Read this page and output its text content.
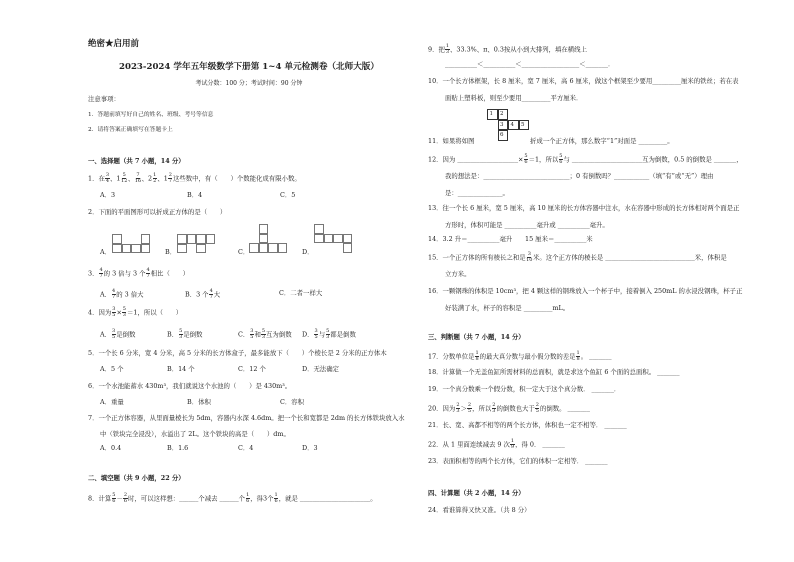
绝密★启用前
2023-2024 学年五年级数学下册第 1~4 单元检测卷（北师大版）
考试分数：100 分；考试时间：90 分钟
注意事项：
1．答题前填写好自己的姓名、班级、考号等信息
2．请将答案正确填写在答题卡上
一、选择题（共 7 小题，14 分）
1．在 $\frac{3}{4}$ 、$1 \frac{5}{12}$ 、 $\frac{7}{16}$ 、$2 \frac{1}{2}$ 、$1 \frac{2}{7}$ 这些数中，有（　　）个数能化成有限小数。
A．3	B．4	C．5
2．下面的平面图形可以折成正方体的是（　　）
A．	B．	C．	D．
3． $\frac{4}{7}$ 的 3 倍与 3 个 $\frac{4}{7}$ 相比（　　）
A． $\frac{4}{7}$ 的 3 倍大	B．3 个 $\frac{4}{7}$ 大	C．二者一样大
4．因为 $\frac{3}{5} \times \frac{5}{3} =1$，所以（　　）
A． $\frac{3}{5}$ 是倒数	B． $\frac{5}{3}$ 是倒数	C． $\frac{3}{5}$ 和 $\frac{5}{3}$ 互为倒数 D． $\frac{3}{5}$ 与 $\frac{5}{3}$ 都是倒数
5．一个长 6 分米，宽 4 分米，高 5 分米的长方体盒子，最多能放下（　　）个棱长是 2 分米的正方体木
A．5 个	B．14 个	C．12 个	D．无法确定
6．一个水池能蓄水 430m³，我们就说这个水池的（　　）是 430m³。
A．重量	B．体积	C．容积
7．一个正方体容器，从里面量棱长为 5dm，容器内水深 4.6dm。把一个长和宽都是 2dm 的长方体铁块放入水
中（铁块完全浸没），水溢出了 2L。这个铁块的高是（　　）dm。
A．0.4	B．1.6	C．4	D．3
二、填空题（共 9 小题，22 分）
8．计算 $\frac{5}{6} - \frac{2}{6}$ 时，可以这样想：______个减去 ______个 $\frac{1}{6}$ ，得3个 $\frac{1}{6}$ ，就是 ______________________。
9．把 $\frac{1}{3}$ 、33.3%、π、0.3按从小到大排列，填在横线上
__________＜__________＜__________________＜_______．
10．一个长方体框架，长 8 厘米，宽 7 厘米，高 6 厘米，做这个框架至少要用_________厘米的铁丝；若在表
面贴上塑料板，则至少要用_________平方厘米．
1	2
3	4	5
6
11．如果将如图	折成一个正方体，那么数字“1”对面是 _________。
12．因为 ___________________× $\frac{5}{6} =1$，所以 $\frac{5}{6}$ 与 ______________________互为倒数，0.5 的倒数是 _______，
我的想法是：___________________________；0 有倒数吗？___________（填“有”或“无”）理由
是：______________。
13．往一个长 6 厘米，宽 5 厘米，高 10 厘米的长方体容器中注水，水在容器中形成的长方体相对两个面是正
方形时，体积可能是 __________毫升或 __________毫升。
14．3.2 升＝__________毫升　　15 厘米＝__________米
15．一个正方体的所有棱长之和是 $\frac{3}{10}$ 米。这个正方体的棱长是 ____________________________米，体积是
立方米。
16．一颗钢珠的体积是 10cm³，把 4 颗这样的钢珠放入一个杯子中，接着倒入 250mL 的水浸没钢珠，杯子正
好装满了水，杯子的容积是 _________mL。
三、判断题（共 7 小题，14 分）
17．分数单位是 $\frac{1}{8}$ 的最大真分数与最小假分数的差是 $\frac{1}{8}$ 。 _______
18．计算做一个无盖鱼缸所需材料的总面积，就是求这个鱼缸 6 个面的总面积。 _______
19．一个真分数乘一个假分数，积一定大于这个真分数． _______．
20．因为 $\frac{2}{3} > \frac{2}{5}$ ，所以 $\frac{2}{3}$ 的倒数也大于 $\frac{2}{5}$ 的倒数。 _______
21．长、宽、高都不相等的两个长方体，体积也一定不相等． _______
22．从 1 里面连续减去 9 次 $\frac{1}{9}$ ，得 0． _______
23．表面积相等的两个长方体，它们的体积一定相等． _______
四、计算题（共 2 小题，14 分）
24．看谁算得又快又准。（共 8 分）
